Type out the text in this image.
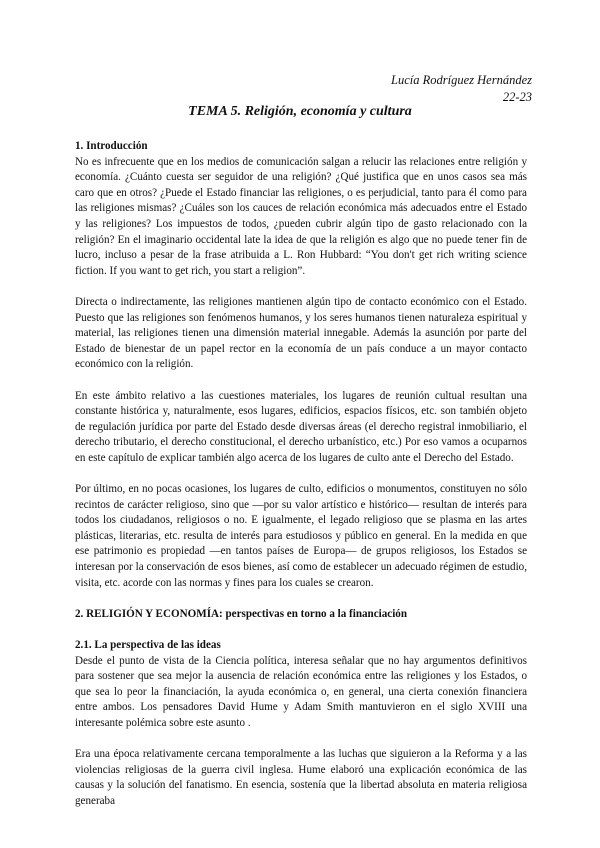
Lucía Rodríguez Hernández
22-23
TEMA 5. Religión, economía y cultura
1. Introducción

No es infrecuente que en los medios de comunicación salgan a relucir las relaciones entre religión y economía. ¿Cuánto cuesta ser seguidor de una religión? ¿Qué justifica que en unos casos sea más caro que en otros? ¿Puede el Estado financiar las religiones, o es perjudicial, tanto para él como para las religiones mismas? ¿Cuáles son los cauces de relación económica más adecuados entre el Estado y las religiones? Los impuestos de todos, ¿pueden cubrir algún tipo de gasto relacionado con la religión? En el imaginario occidental late la idea de que la religión es algo que no puede tener fin de lucro, incluso a pesar de la frase atribuida a L. Ron Hubbard: “You don't get rich writing science fiction. If you want to get rich, you start a religion”.

Directa o indirectamente, las religiones mantienen algún tipo de contacto económico con el Estado. Puesto que las religiones son fenómenos humanos, y los seres humanos tienen naturaleza espiritual y material, las religiones tienen una dimensión material innegable. Además la asunción por parte del Estado de bienestar de un papel rector en la economía de un país conduce a un mayor contacto económico con la religión.

En este ámbito relativo a las cuestiones materiales, los lugares de reunión cultual resultan una constante histórica y, naturalmente, esos lugares, edificios, espacios físicos, etc. son también objeto de regulación jurídica por parte del Estado desde diversas áreas (el derecho registral inmobiliario, el derecho tributario, el derecho constitucional, el derecho urbanístico, etc.) Por eso vamos a ocuparnos en este capítulo de explicar también algo acerca de los lugares de culto ante el Derecho del Estado.

Por último, en no pocas ocasiones, los lugares de culto, edificios o monumentos, constituyen no sólo recintos de carácter religioso, sino que —por su valor artístico e histórico— resultan de interés para todos los ciudadanos, religiosos o no. E igualmente, el legado religioso que se plasma en las artes plásticas, literarias, etc. resulta de interés para estudiosos y público en general. En la medida en que ese patrimonio es propiedad —en tantos países de Europa— de grupos religiosos, los Estados se interesan por la conservación de esos bienes, así como de establecer un adecuado régimen de estudio, visita, etc. acorde con las normas y fines para los cuales se crearon.

2. RELIGIÓN Y ECONOMÍA: perspectivas en torno a la financiación
2.1. La perspectiva de las ideas

Desde el punto de vista de la Ciencia política, interesa señalar que no hay argumentos definitivos para sostener que sea mejor la ausencia de relación económica entre las religiones y los Estados, o que sea lo peor la financiación, la ayuda económica o, en general, una cierta conexión financiera entre ambos. Los pensadores David Hume y Adam Smith mantuvieron en el siglo XVIII una interesante polémica sobre este asunto .

Era una época relativamente cercana temporalmente a las luchas que siguieron a la Reforma y a las violencias religiosas de la guerra civil inglesa. Hume elaboró una explicación económica de las causas y la solución del fanatismo. En esencia, sostenía que la libertad absoluta en materia religiosa generaba
